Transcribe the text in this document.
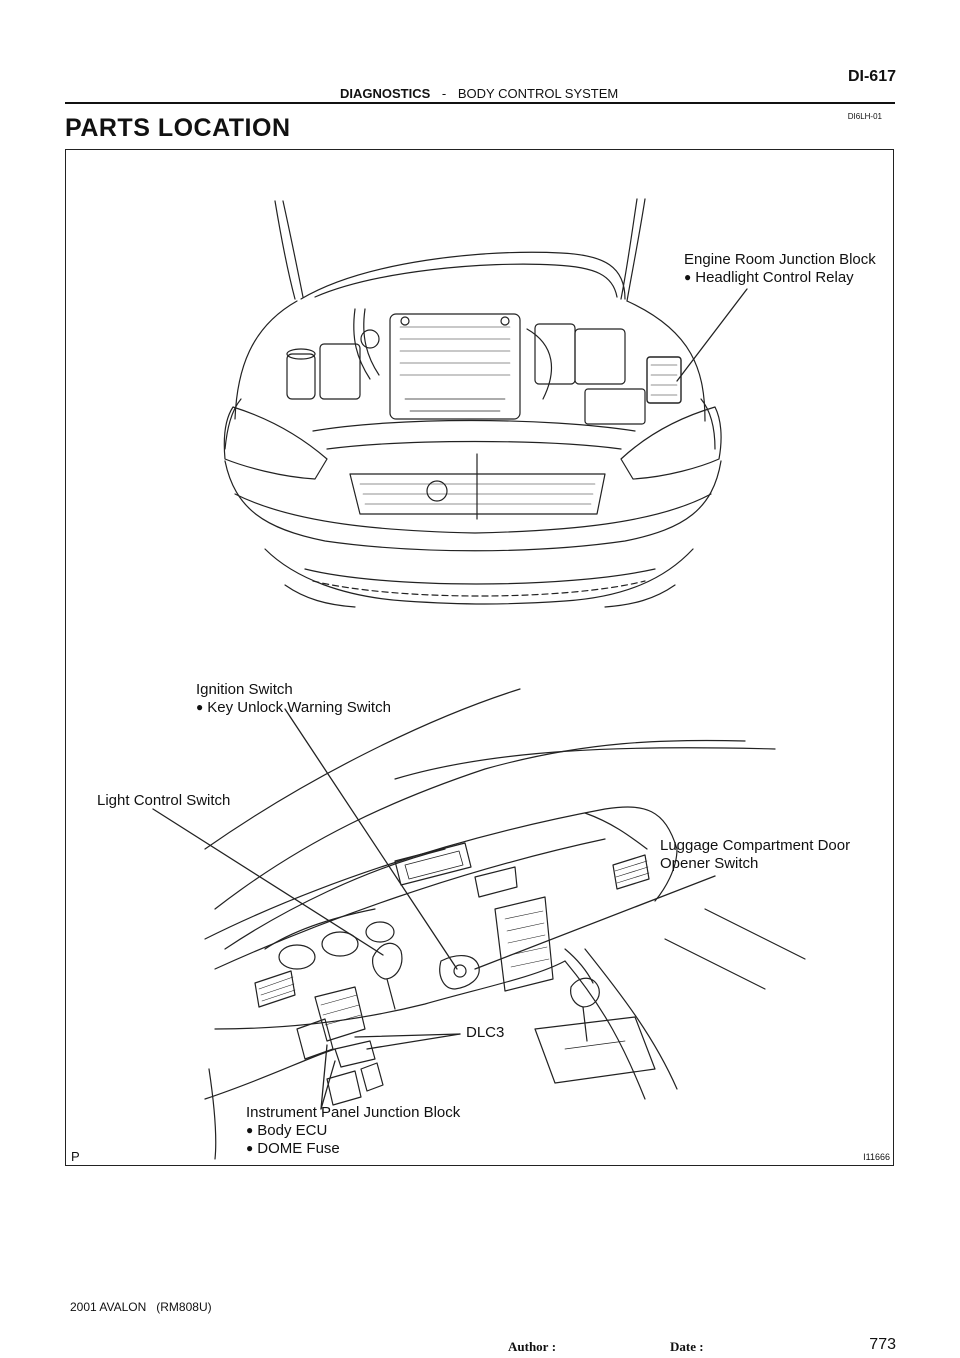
DIAGNOSTICS - BODY CONTROL SYSTEM
DI-617
DI6LH-01
PARTS LOCATION
Engine Room Junction Block
● Headlight Control Relay
Ignition Switch
● Key Unlock Warning Switch
Light Control Switch
Luggage Compartment Door
Opener Switch
DLC3
Instrument Panel Junction Block
● Body ECU
● DOME Fuse
P	I11666
2001 AVALON   (RM808U)
Author :	Date :	773
